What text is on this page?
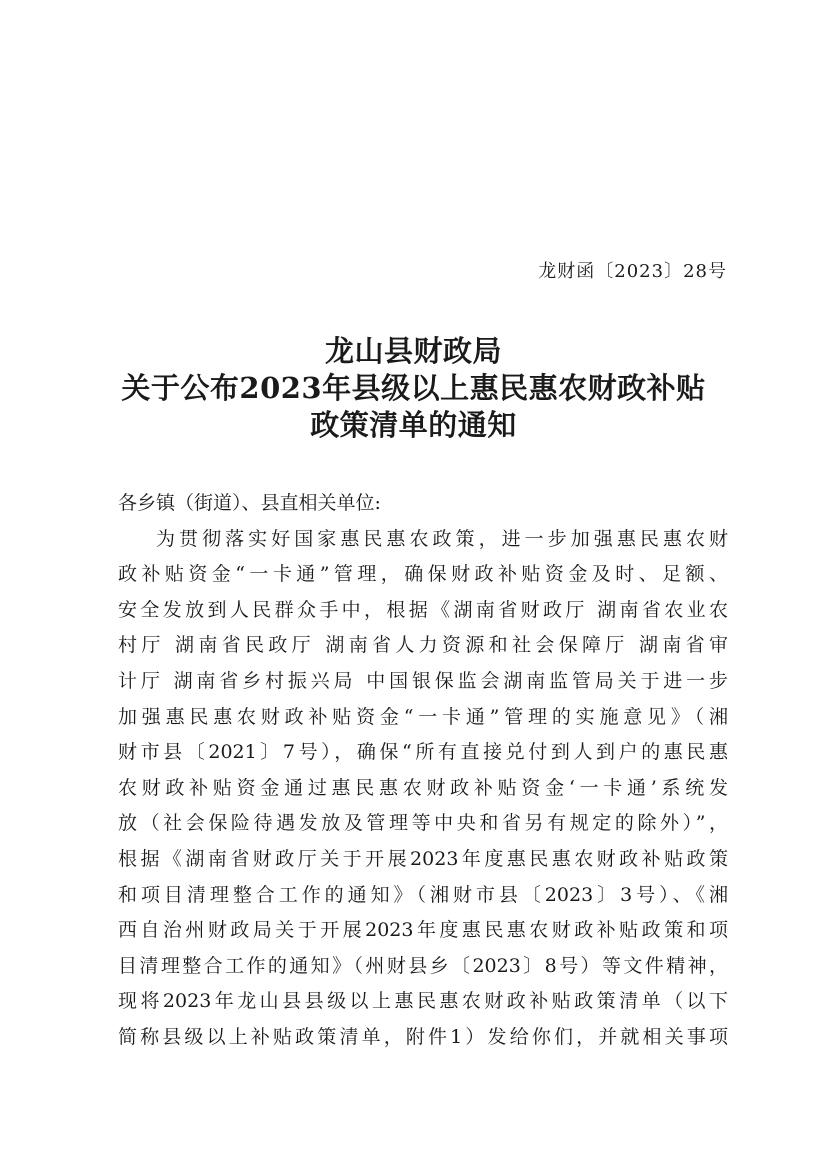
龙财函〔2023〕28号
龙山县财政局
关于公布2023年县级以上惠民惠农财政补贴
政策清单的通知
各乡镇（街道）、县直相关单位:
为贯彻落实好国家惠民惠农政策，进一步加强惠民惠农财
政补贴资金“一卡通”管理，确保财政补贴资金及时、足额、
安全发放到人民群众手中，根据《湖南省财政厅 湖南省农业农
村厅 湖南省民政厅 湖南省人力资源和社会保障厅 湖南省审
计厅 湖南省乡村振兴局 中国银保监会湖南监管局关于进一步
加强惠民惠农财政补贴资金“一卡通”管理的实施意见》（湘
财市县〔2021〕7号），确保“所有直接兑付到人到户的惠民惠
农财政补贴资金通过惠民惠农财政补贴资金‘一卡通’系统发
放（社会保险待遇发放及管理等中央和省另有规定的除外）”，
根据《湖南省财政厅关于开展2023年度惠民惠农财政补贴政策
和项目清理整合工作的通知》（湘财市县〔2023〕3号）、《湘
西自治州财政局关于开展2023年度惠民惠农财政补贴政策和项
目清理整合工作的通知》（州财县乡〔2023〕8号）等文件精神，
现将2023年龙山县县级以上惠民惠农财政补贴政策清单（以下
简称县级以上补贴政策清单，附件1）发给你们，并就相关事项
